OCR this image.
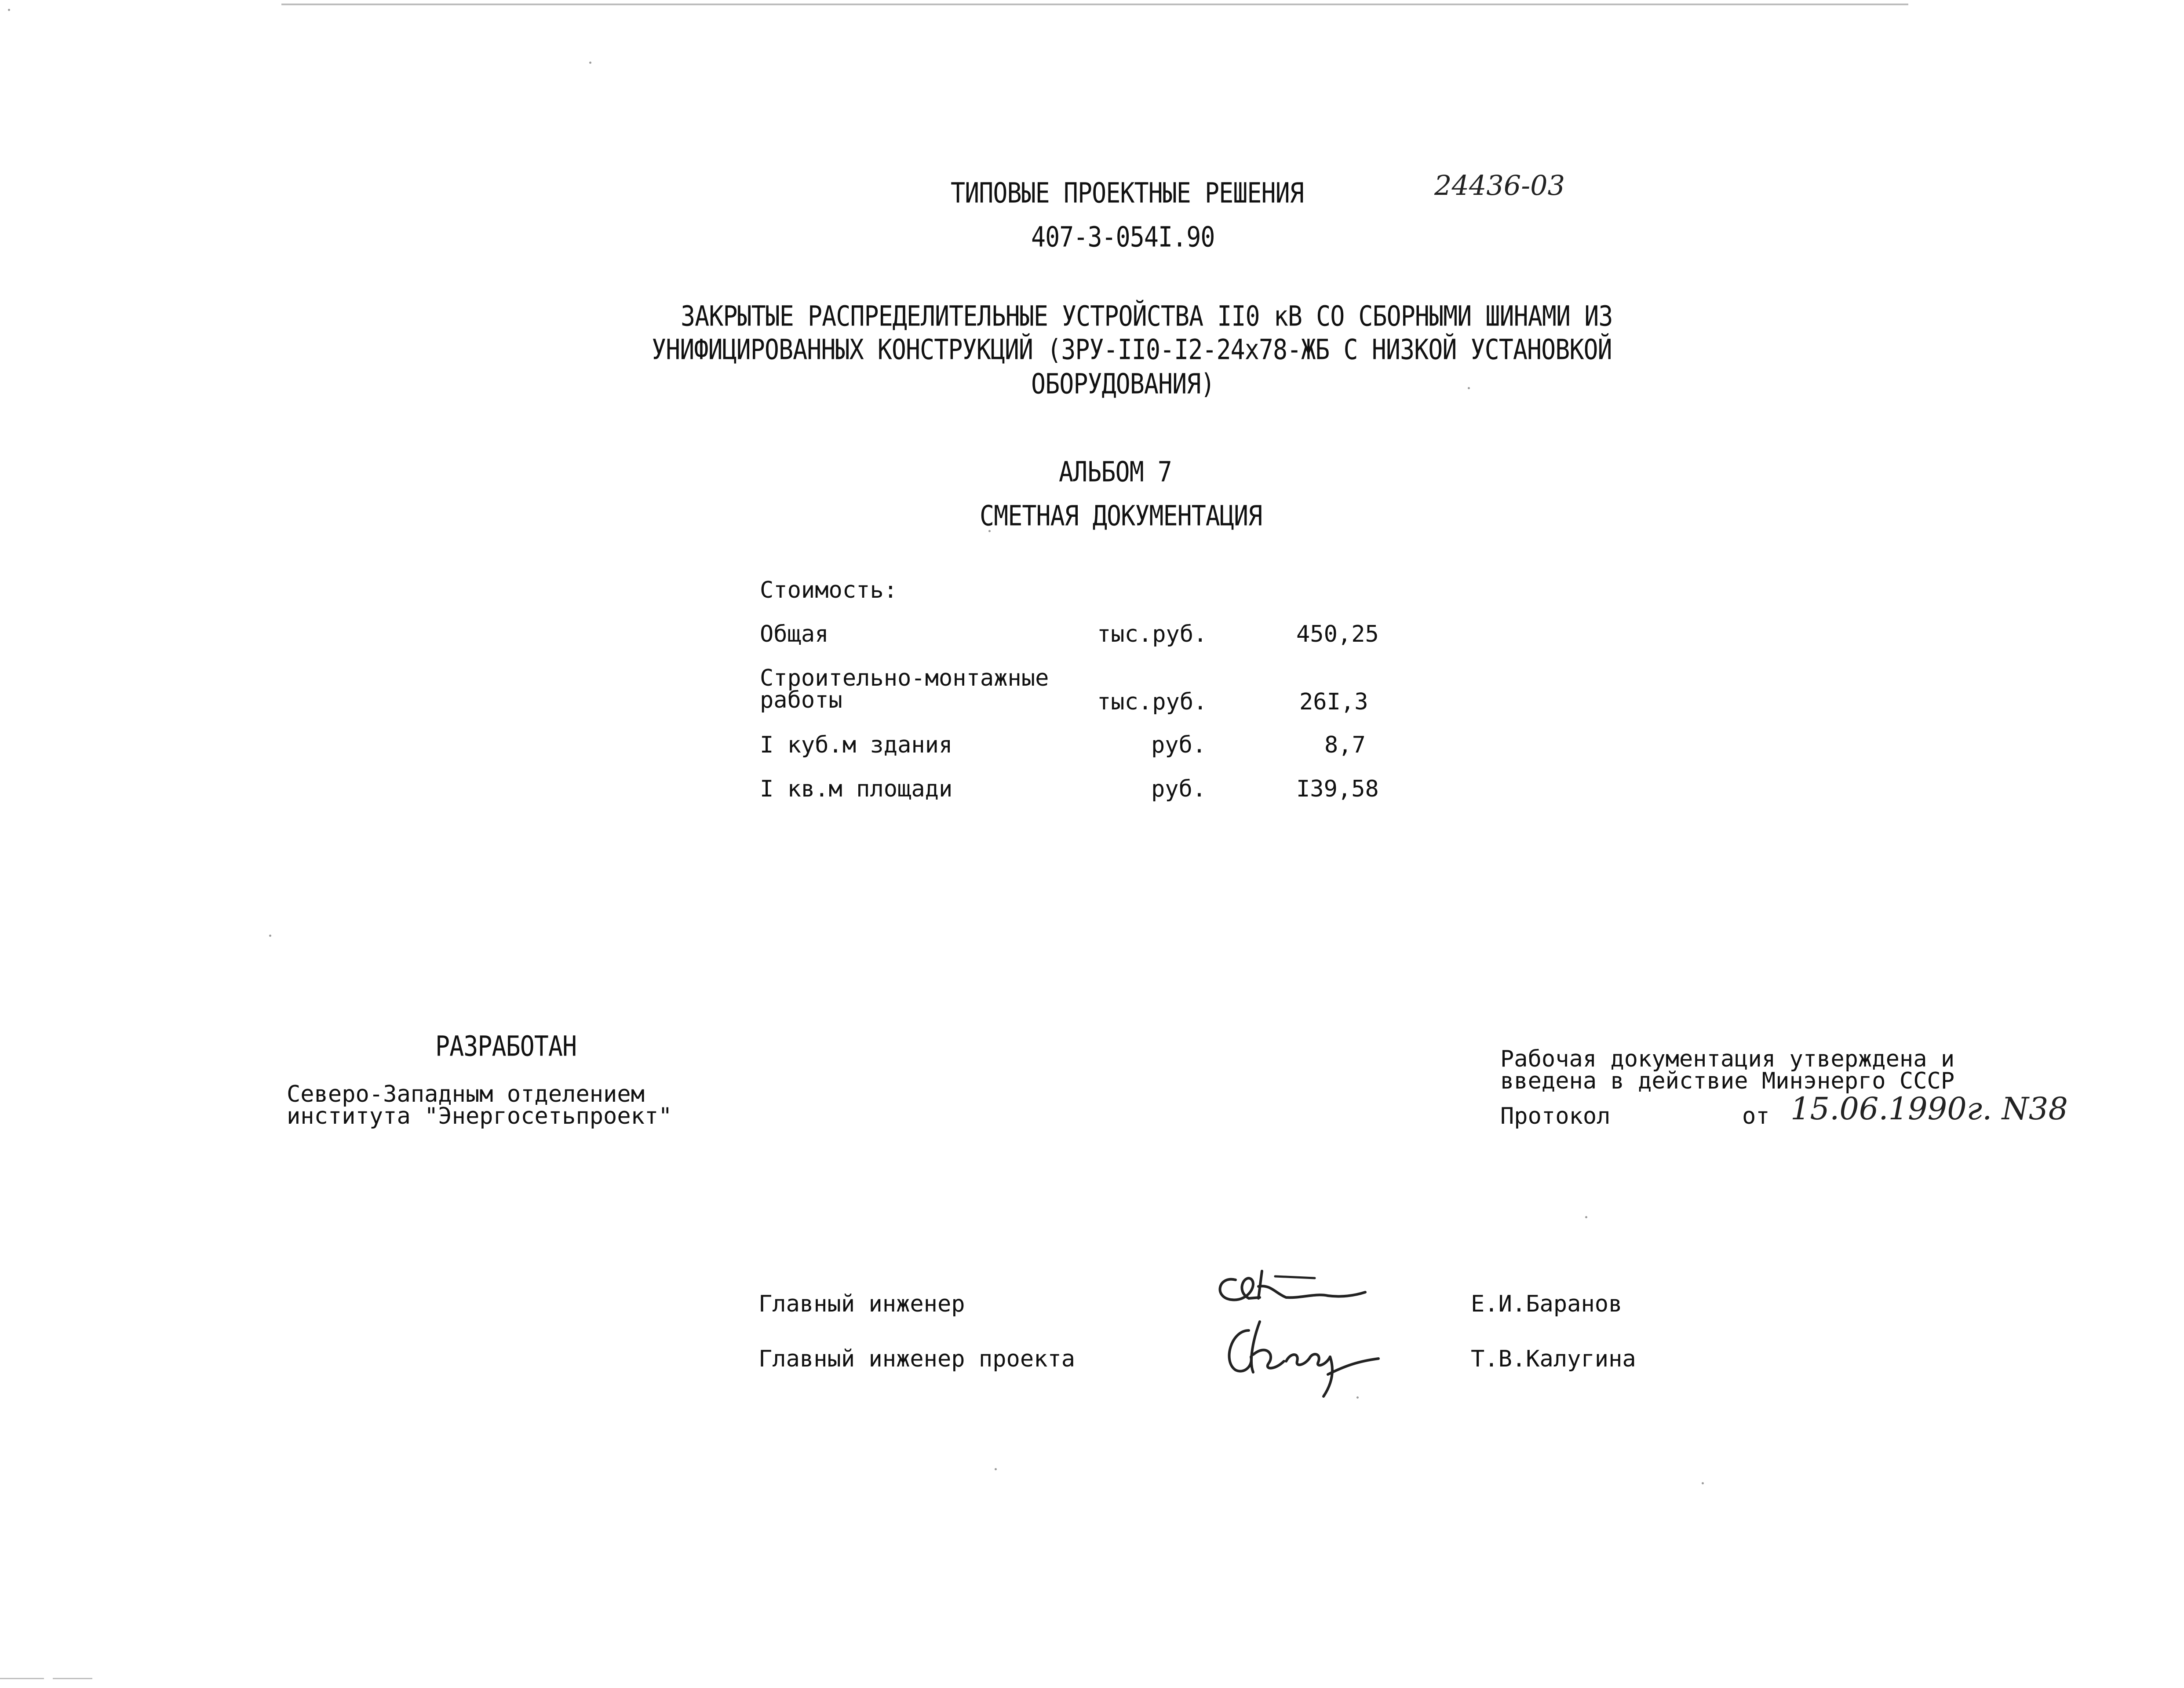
ТИПОВЫЕ ПРОЕКТНЫЕ РЕШЕНИЯ	24436-03
407-3-054I.90
ЗАКРЫТЫЕ РАСПРЕДЕЛИТЕЛЬНЫЕ УСТРОЙСТВА II0 кВ СО СБОРНЫМИ ШИНАМИ ИЗ
УНИФИЦИРОВАННЫХ КОНСТРУКЦИЙ (ЗРУ-II0-I2-24х78-ЖБ С НИЗКОЙ УСТАНОВКОЙ
ОБОРУДОВАНИЯ)
АЛЬБОМ 7
СМЕТНАЯ ДОКУМЕНТАЦИЯ
Стоимость:
Общая	тыс.руб.	450,25
Строительно-монтажные
работы	тыс.руб.	26I,3
I куб.м здания	руб.	8,7
I кв.м площади	руб.	I39,58
РАЗРАБОТАН
Северо-Западным отделением
института "Энергосетьпроект"
Рабочая документация утверждена и
введена в действие Минэнерго СССР
Протокол	от 15.06.1990г. N38
Главный инженер	Е.И.Баранов
Главный инженер проекта	Т.В.Калугина
